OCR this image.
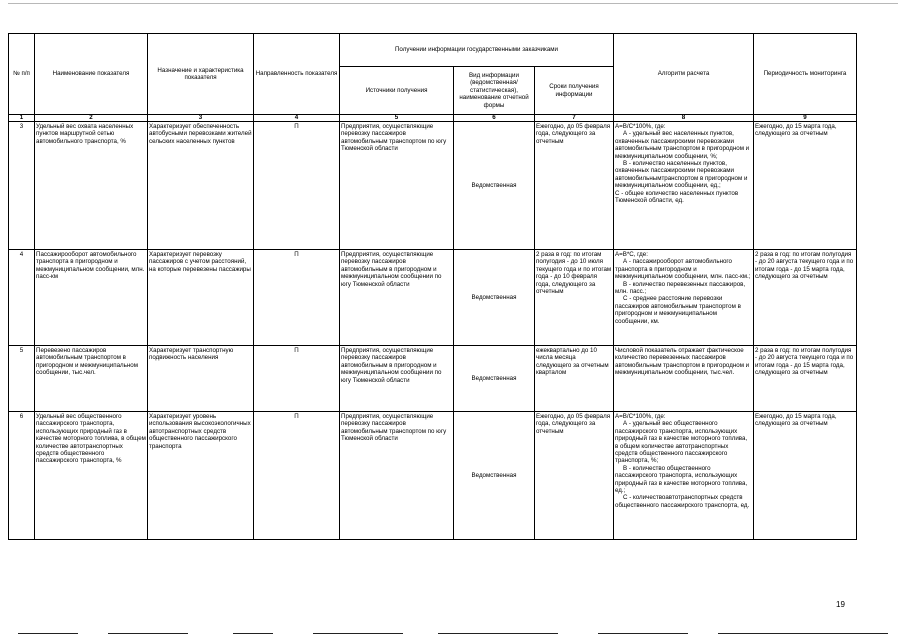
№ п/п	Наименование показателя	Назначение и характеристика показателя	Направленность показателя	Получении информации государственными заказчиками			Алгоритм расчета	Периодичность мониторинга
				Источники получения	Вид информации (ведомственная/ статистическая), наименование отчетной формы	Сроки получения информации		
1	2	3	4	5	6	7	8	9
3	Удельный вес охвата населенных пунктов маршрутной сетью автомобильного транспорта, %	Характеризует обеспеченность автобусными перевозками жителей сельских населенных пунктов	П	Предприятия, осуществляющие перевозку пассажиров автомобильным транспортом по югу Тюменской области	Ведомственная	Ежегодно, до 05 февраля года, следующего за отчетным	А=В/С*100%, где:
А - удельный вес населенных пунктов, охваченных пассажирскими перевозками автомобильным транспортом в пригородном и межмуниципальном сообщении, %;
В - количество населенных пунктов, охваченных пассажирскими перевозками автомобильнымтранспортом в пригородном и межмуниципальном сообщении, ед.;
С - общее количество населенных пунктов Тюменской области, ед.	Ежегодно, до 15 марта года, следующего за отчетным
4	Пассажирооборот автомобильного транспорта в пригородном и межмуниципальном сообщении, млн. пасс-км	Характеризует перевозку пассажиров с учетом расстояний, на которые перевезены пассажиры	П	Предприятия, осуществляющие перевозку пассажиров автомобильным в пригородном и межмуниципальном сообщении по югу Тюменской области	Ведомственная	2 раза в год: по итогам полугодия - до 10 июля текущего года и по итогам года - до 10 февраля года, следующего за отчетным	А=В*С, где:
А - пассажирооборот автомобильного транспорта в пригородном и межмуниципальном сообщении, млн. пасс-км.;
В - количество перевезенных пассажиров, млн. пасс.;
С - среднее расстояние перевозки пассажиров автомобильным транспортом в пригородном и межмуниципальном сообщении, км.	2 раза в год: по итогам полугодия - до 20 августа текущего года и по итогам года - до 15 марта года, следующего за отчетным
5	Перевезено пассажиров автомобильным транспортом в пригородном и межмуниципальном сообщении, тыс.чел.	Характеризует транспортную подвижность населения	П	Предприятия, осуществляющие перевозку пассажиров автомобильным в пригородном и межмуниципальном сообщении по югу Тюменской области	Ведомственная	ежеквартально до 10 числа месяца следующего за отчетным кварталом	Числовой показатель отражает фактическое количество перевезенных пассажиров автомобильным транспортом в пригородном и межмуниципальном сообщении, тыс.чел.	2 раза в год: по итогам полугодия - до 20 августа текущего года и по итогам года - до 15 марта года, следующего за отчетным
6	Удельный вес общественного пассажирского транспорта, использующих природный газ в качестве моторного топлива, в общем количестве автотранспортных средств общественного пассажирского транспорта, %	Характеризует уровень использования высокоэкологичных автотранспортных средств общественного пассажирского транспорта	П	Предприятия, осуществляющие перевозку пассажиров автомобильным транспортом по югу Тюменской области	Ведомственная	Ежегодно, до 05 февраля года, следующего за отчетным	А=В/С*100%, где:
А - удельный вес общественного пассажирского транспорта, использующих природный газ в качестве моторного топлива, в общем количестве автотранспортных средств общественного пассажирского транспорта, %;
В - количество общественного пассажирского транспорта, использующих природный газ в качестве моторного топлива, ед.;
С - количествоавтотранспортных средств общественного пассажирского транспорта, ед.	Ежегодно, до 15 марта года, следующего за отчетным
19
